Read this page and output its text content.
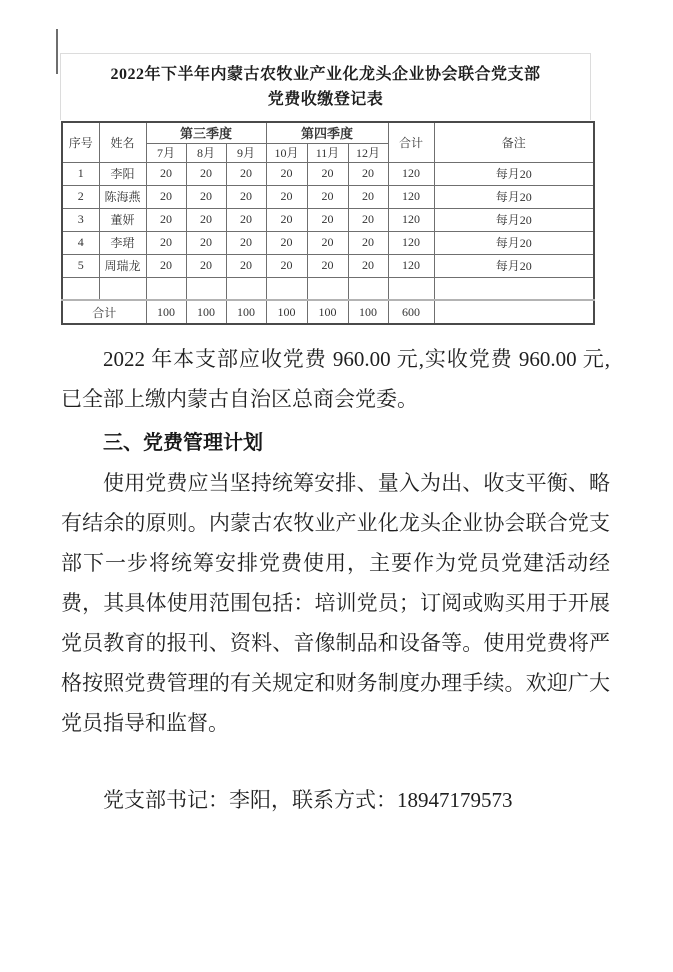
2022年下半年内蒙古农牧业产业化龙头企业协会联合党支部
党费收缴登记表
序号	姓名	第三季度			第四季度			合计	备注
		7月	8月	9月	10月	11月	12月		
1	李阳	20	20	20	20	20	20	120	每月20
2	陈海燕	20	20	20	20	20	20	120	每月20
3	董妍	20	20	20	20	20	20	120	每月20
4	李珺	20	20	20	20	20	20	120	每月20
5	周瑞龙	20	20	20	20	20	20	120	每月20

合计		100	100	100	100	100	100	600	

2022 年本支部应收党费 960.00 元,实收党费 960.00 元,已全部上缴内蒙古自治区总商会党委。

三、党费管理计划

使用党费应当坚持统筹安排、量入为出、收支平衡、略有结余的原则。内蒙古农牧业产业化龙头企业协会联合党支部下一步将统筹安排党费使用，主要作为党员党建活动经费，其具体使用范围包括：培训党员；订阅或购买用于开展党员教育的报刊、资料、音像制品和设备等。使用党费将严格按照党费管理的有关规定和财务制度办理手续。欢迎广大党员指导和监督。

党支部书记：李阳，联系方式：18947179573
